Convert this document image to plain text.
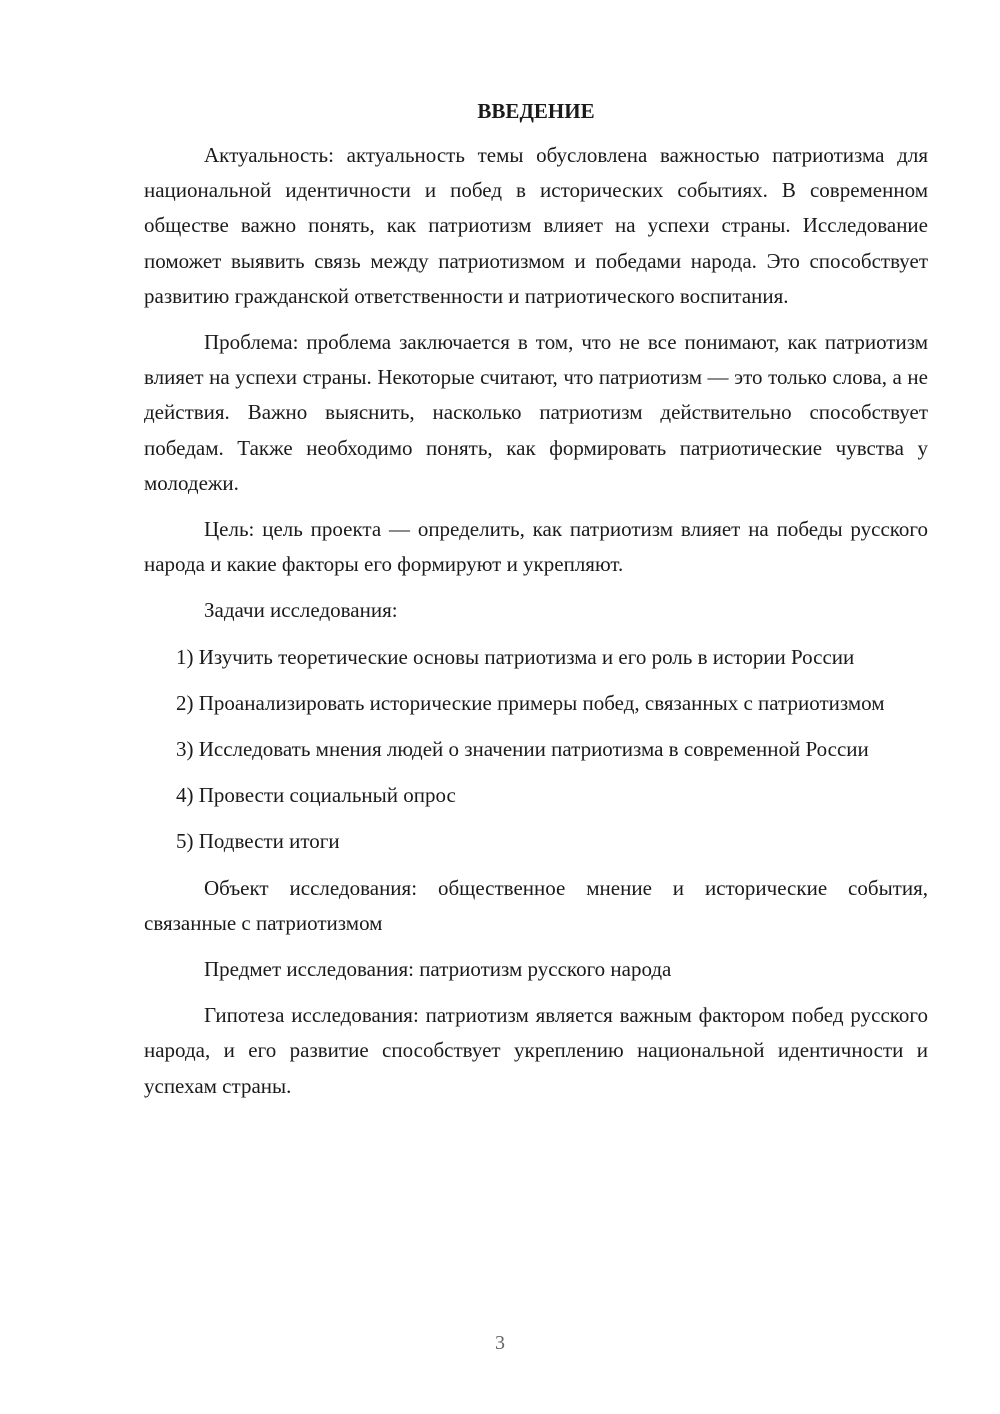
ВВЕДЕНИЕ

Актуальность: актуальность темы обусловлена важностью патриотизма для национальной идентичности и побед в исторических событиях. В современном обществе важно понять, как патриотизм влияет на успехи страны. Исследование поможет выявить связь между патриотизмом и победами народа. Это способствует развитию гражданской ответственности и патриотического воспитания.

Проблема: проблема заключается в том, что не все понимают, как патриотизм влияет на успехи страны. Некоторые считают, что патриотизм — это только слова, а не действия. Важно выяснить, насколько патриотизм действительно способствует победам. Также необходимо понять, как формировать патриотические чувства у молодежи.

Цель: цель проекта — определить, как патриотизм влияет на победы русского народа и какие факторы его формируют и укрепляют.

Задачи исследования:

1) Изучить теоретические основы патриотизма и его роль в истории России

2) Проанализировать исторические примеры побед, связанных с патриотизмом

3) Исследовать мнения людей о значении патриотизма в современной России

4) Провести социальный опрос

5) Подвести итоги

Объект исследования: общественное мнение и исторические события, связанные с патриотизмом

Предмет исследования: патриотизм русского народа

Гипотеза исследования: патриотизм является важным фактором побед русского народа, и его развитие способствует укреплению национальной идентичности и успехам страны.

3
